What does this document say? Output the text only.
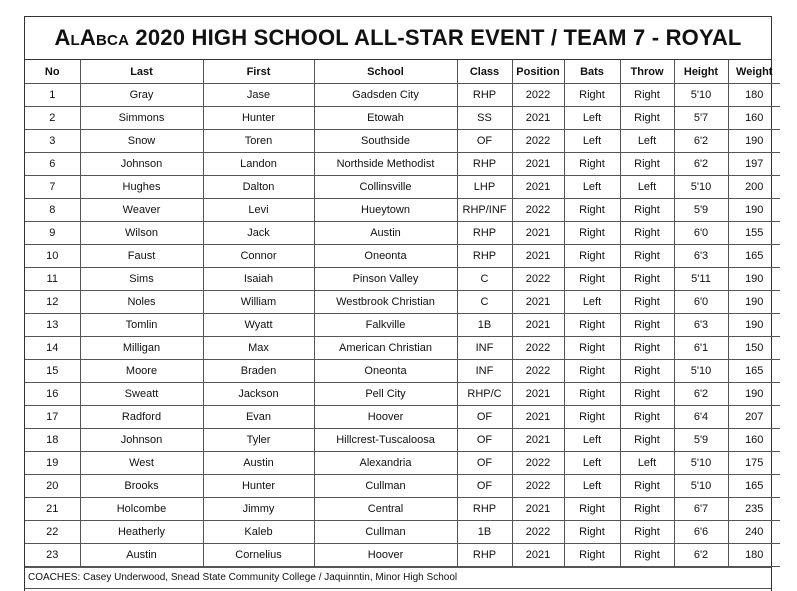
ALABCA 2020 HIGH SCHOOL ALL-STAR EVENT / TEAM 7 - ROYAL
No	Last	First	School	Class	Position	Bats	Throw	Height	Weight
1	Gray	Jase	Gadsden City	RHP	2022	Right	Right	5'10	180
2	Simmons	Hunter	Etowah	SS	2021	Left	Right	5'7	160
3	Snow	Toren	Southside	OF	2022	Left	Left	6'2	190
6	Johnson	Landon	Northside Methodist	RHP	2021	Right	Right	6'2	197
7	Hughes	Dalton	Collinsville	LHP	2021	Left	Left	5'10	200
8	Weaver	Levi	Hueytown	RHP/INF	2022	Right	Right	5'9	190
9	Wilson	Jack	Austin	RHP	2021	Right	Right	6'0	155
10	Faust	Connor	Oneonta	RHP	2021	Right	Right	6'3	165
11	Sims	Isaiah	Pinson Valley	C	2022	Right	Right	5'11	190
12	Noles	William	Westbrook Christian	C	2021	Left	Right	6'0	190
13	Tomlin	Wyatt	Falkville	1B	2021	Right	Right	6'3	190
14	Milligan	Max	American Christian	INF	2022	Right	Right	6'1	150
15	Moore	Braden	Oneonta	INF	2022	Right	Right	5'10	165
16	Sweatt	Jackson	Pell City	RHP/C	2021	Right	Right	6'2	190
17	Radford	Evan	Hoover	OF	2021	Right	Right	6'4	207
18	Johnson	Tyler	Hillcrest-Tuscaloosa	OF	2021	Left	Right	5'9	160
19	West	Austin	Alexandria	OF	2022	Left	Left	5'10	175
20	Brooks	Hunter	Cullman	OF	2022	Left	Right	5'10	165
21	Holcombe	Jimmy	Central	RHP	2021	Right	Right	6'7	235
22	Heatherly	Kaleb	Cullman	1B	2022	Right	Right	6'6	240
23	Austin	Cornelius	Hoover	RHP	2021	Right	Right	6'2	180
COACHES: Casey Underwood, Snead State Community College / Jaquinntin, Minor High School
